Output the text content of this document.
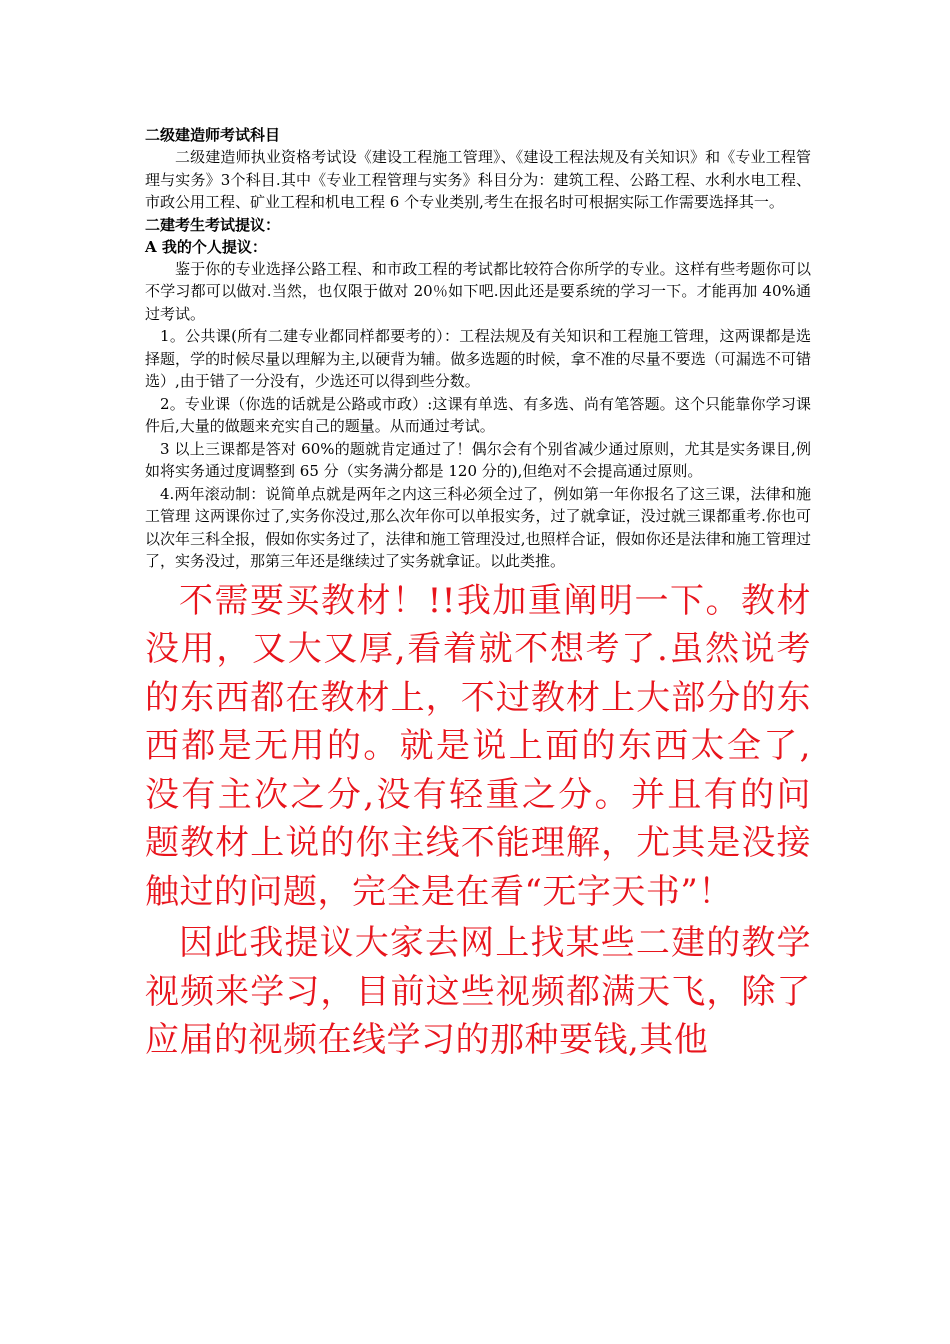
二级建造师考试科目

二级建造师执业资格考试设《建设工程施工管理》、《建设工程法规及有关知识》和《专业工程管理与实务》3个科目.其中《专业工程管理与实务》科目分为：建筑工程、公路工程、水利水电工程、市政公用工程、矿业工程和机电工程 6 个专业类别,考生在报名时可根据实际工作需要选择其一。

二建考生考试提议：

A 我的个人提议：

鉴于你的专业选择公路工程、和市政工程的考试都比较符合你所学的专业。这样有些考题你可以不学习都可以做对.当然，也仅限于做对 20％如下吧.因此还是要系统的学习一下。才能再加 40%通过考试。

1。公共课(所有二建专业都同样都要考的）：工程法规及有关知识和工程施工管理，这两课都是选择题，学的时候尽量以理解为主,以硬背为辅。做多选题的时候，拿不准的尽量不要选（可漏选不可错选）,由于错了一分没有，少选还可以得到些分数。

2。专业课（你选的话就是公路或市政）:这课有单选、有多选、尚有笔答题。这个只能靠你学习课件后,大量的做题来充实自己的题量。从而通过考试。

3 以上三课都是答对 60%的题就肯定通过了！偶尔会有个别省减少通过原则，尤其是实务课目,例如将实务通过度调整到 65 分（实务满分都是 120 分的),但绝对不会提高通过原则。

4.两年滚动制：说简单点就是两年之内这三科必须全过了，例如第一年你报名了这三课，法律和施工管理 这两课你过了,实务你没过,那么次年你可以单报实务，过了就拿证，没过就三课都重考.你也可以次年三科全报，假如你实务过了，法律和施工管理没过,也照样合证，假如你还是法律和施工管理过了，实务没过，那第三年还是继续过了实务就拿证。以此类推。

不需要买教材！!!我加重阐明一下。教材没用，又大又厚,看着就不想考了.虽然说考的东西都在教材上，不过教材上大部分的东西都是无用的。就是说上面的东西太全了,没有主次之分,没有轻重之分。并且有的问题教材上说的你主线不能理解，尤其是没接触过的问题，完全是在看“无字天书”！

因此我提议大家去网上找某些二建的教学视频来学习，目前这些视频都满天飞，除了应届的视频在线学习的那种要钱,其他
